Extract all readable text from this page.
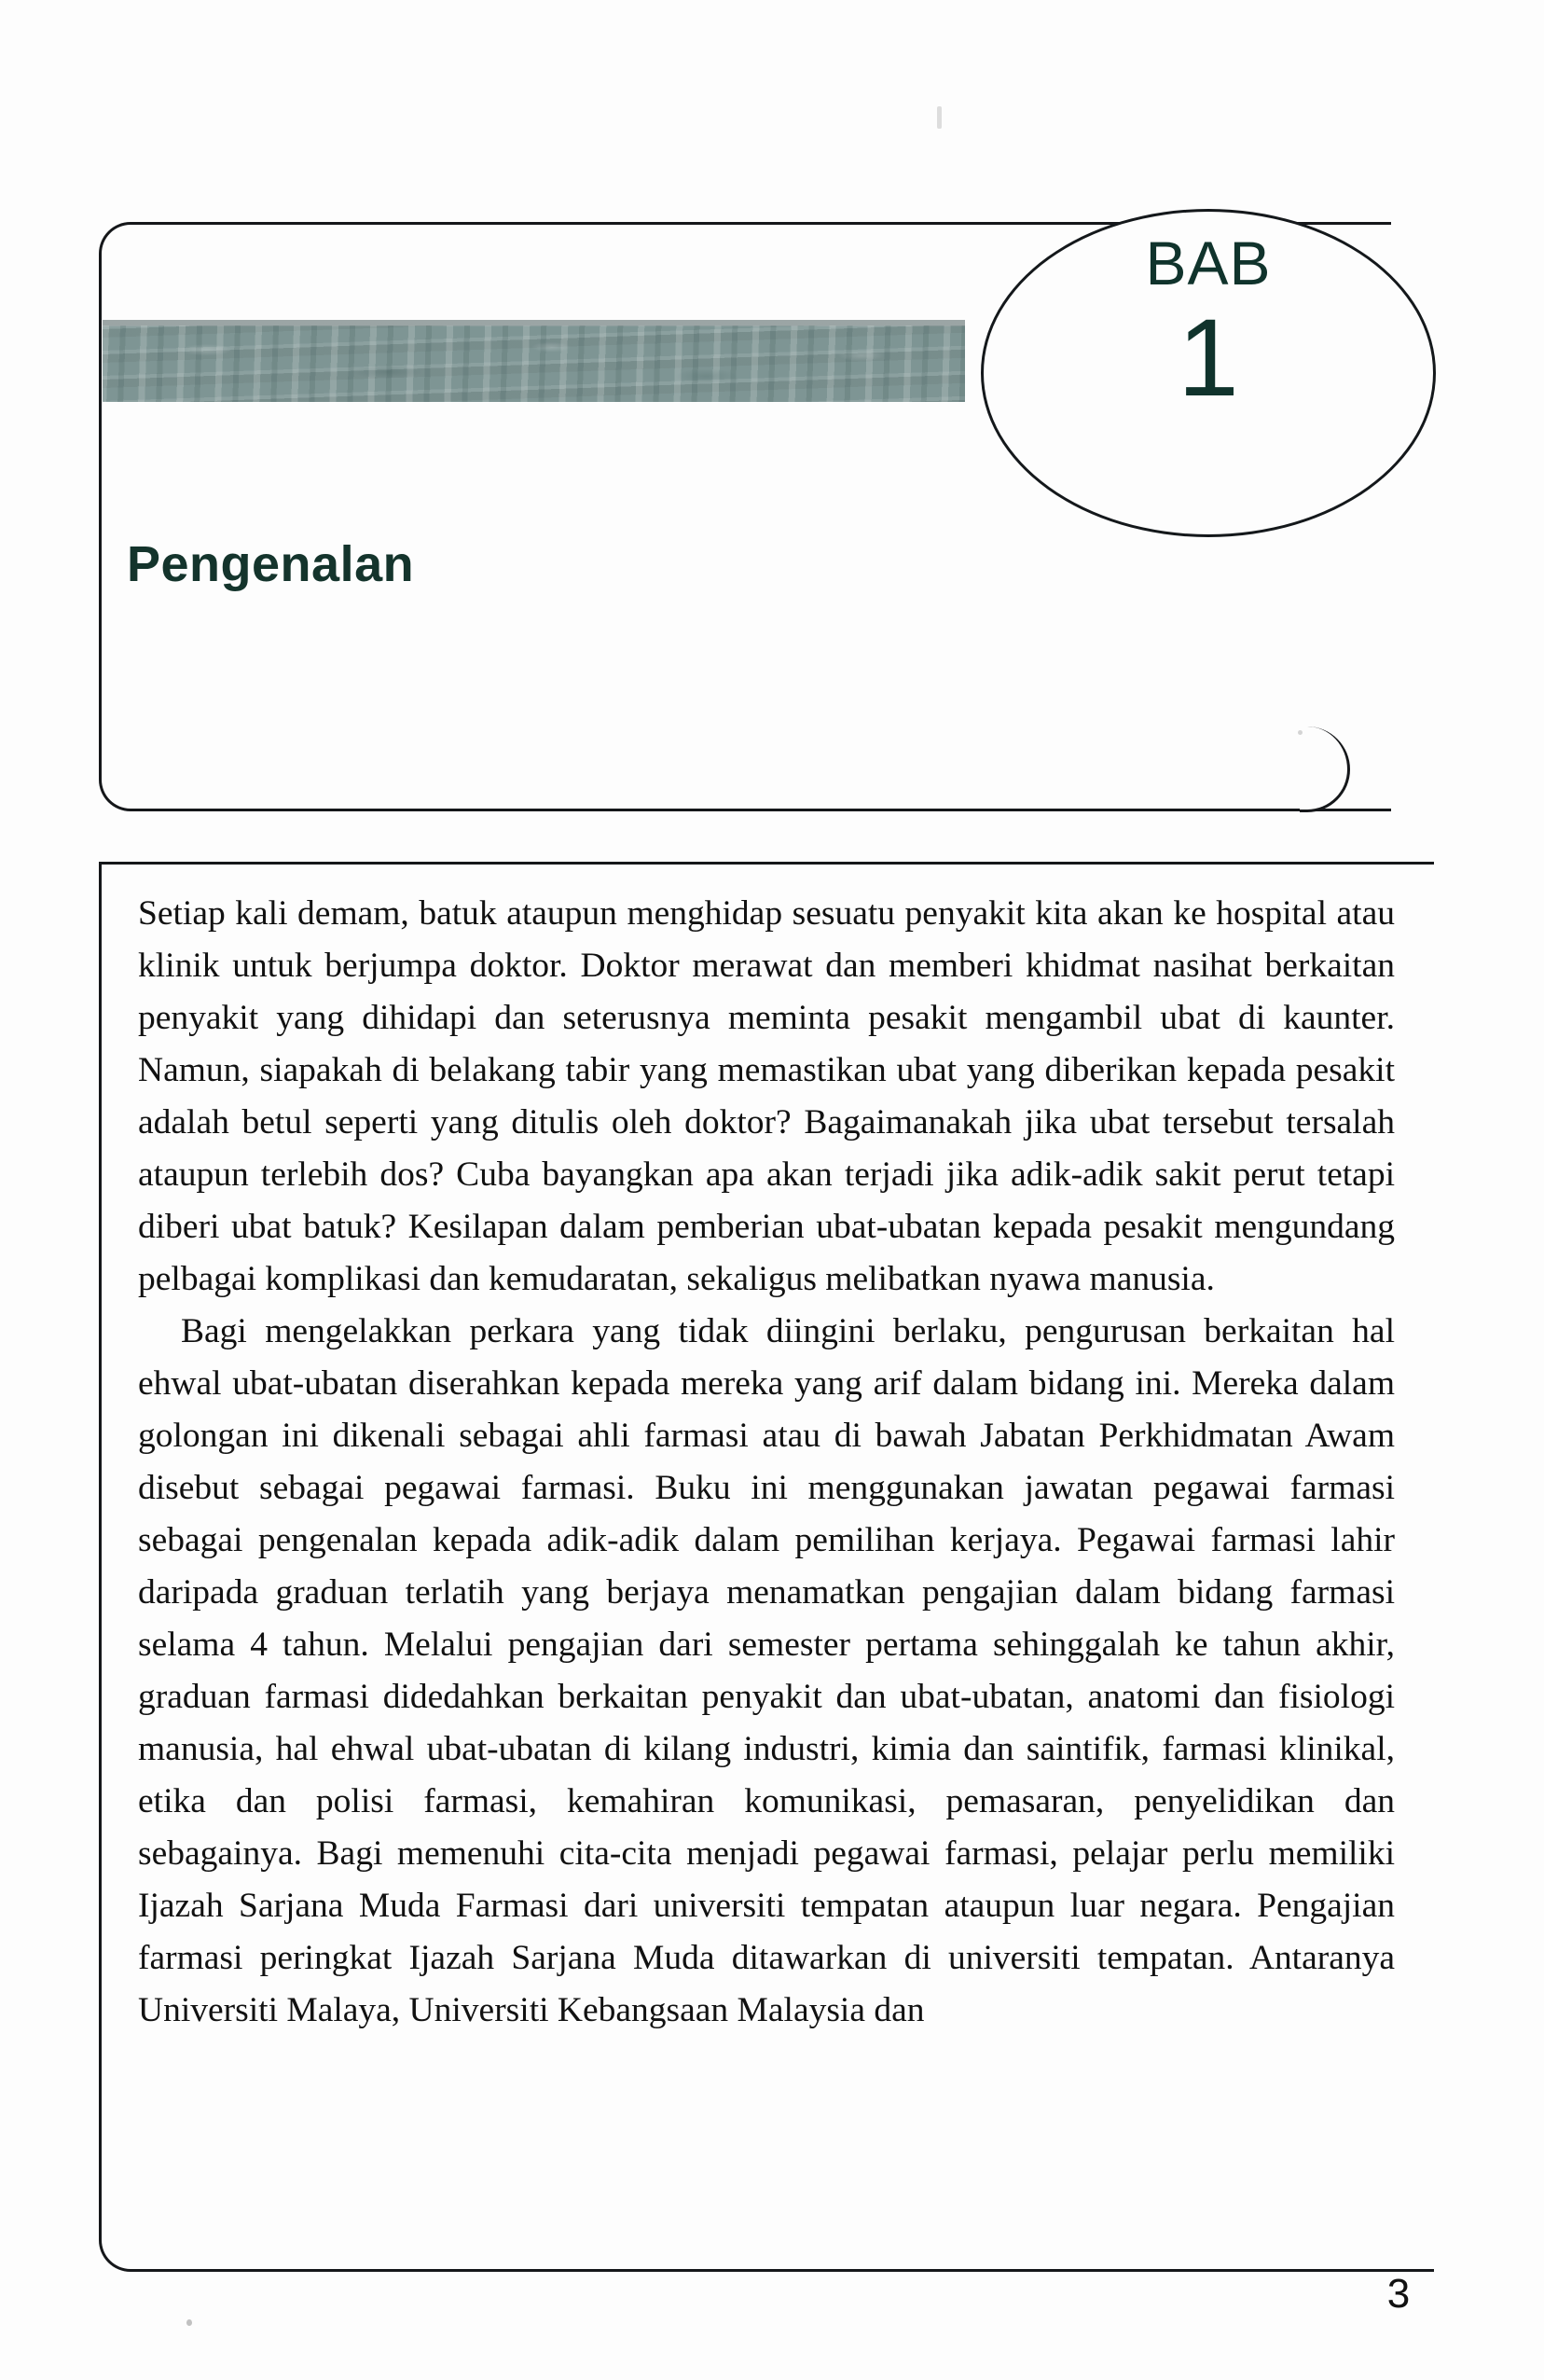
BAB
1
Pengenalan

Setiap kali demam, batuk ataupun menghidap sesuatu penyakit kita akan ke hospital atau klinik untuk berjumpa doktor. Doktor merawat dan memberi khidmat nasihat berkaitan penyakit yang dihidapi dan seterusnya meminta pesakit mengambil ubat di kaunter. Namun, siapakah di belakang tabir yang memastikan ubat yang diberikan kepada pesakit adalah betul seperti yang ditulis oleh doktor? Bagaimanakah jika ubat tersebut tersalah ataupun terlebih dos? Cuba bayangkan apa akan terjadi jika adik-adik sakit perut tetapi diberi ubat batuk? Kesilapan dalam pemberian ubat-ubatan kepada pesakit mengundang pelbagai komplikasi dan kemudaratan, sekaligus melibatkan nyawa manusia.

Bagi mengelakkan perkara yang tidak diingini berlaku, pengurusan berkaitan hal ehwal ubat-ubatan diserahkan kepada mereka yang arif dalam bidang ini. Mereka dalam golongan ini dikenali sebagai ahli farmasi atau di bawah Jabatan Perkhidmatan Awam disebut sebagai pegawai farmasi. Buku ini menggunakan jawatan pegawai farmasi sebagai pengenalan kepada adik-adik dalam pemilihan kerjaya. Pegawai farmasi lahir daripada graduan terlatih yang berjaya menamatkan pengajian dalam bidang farmasi selama 4 tahun. Melalui pengajian dari semester pertama sehinggalah ke tahun akhir, graduan farmasi didedahkan berkaitan penyakit dan ubat-ubatan, anatomi dan fisiologi manusia, hal ehwal ubat-ubatan di kilang industri, kimia dan saintifik, farmasi klinikal, etika dan polisi farmasi, kemahiran komunikasi, pemasaran, penyelidikan dan sebagainya. Bagi memenuhi cita-cita menjadi pegawai farmasi, pelajar perlu memiliki Ijazah Sarjana Muda Farmasi dari universiti tempatan ataupun luar negara. Pengajian farmasi peringkat Ijazah Sarjana Muda ditawarkan di universiti tempatan. Antaranya Universiti Malaya, Universiti Kebangsaan Malaysia dan

3
